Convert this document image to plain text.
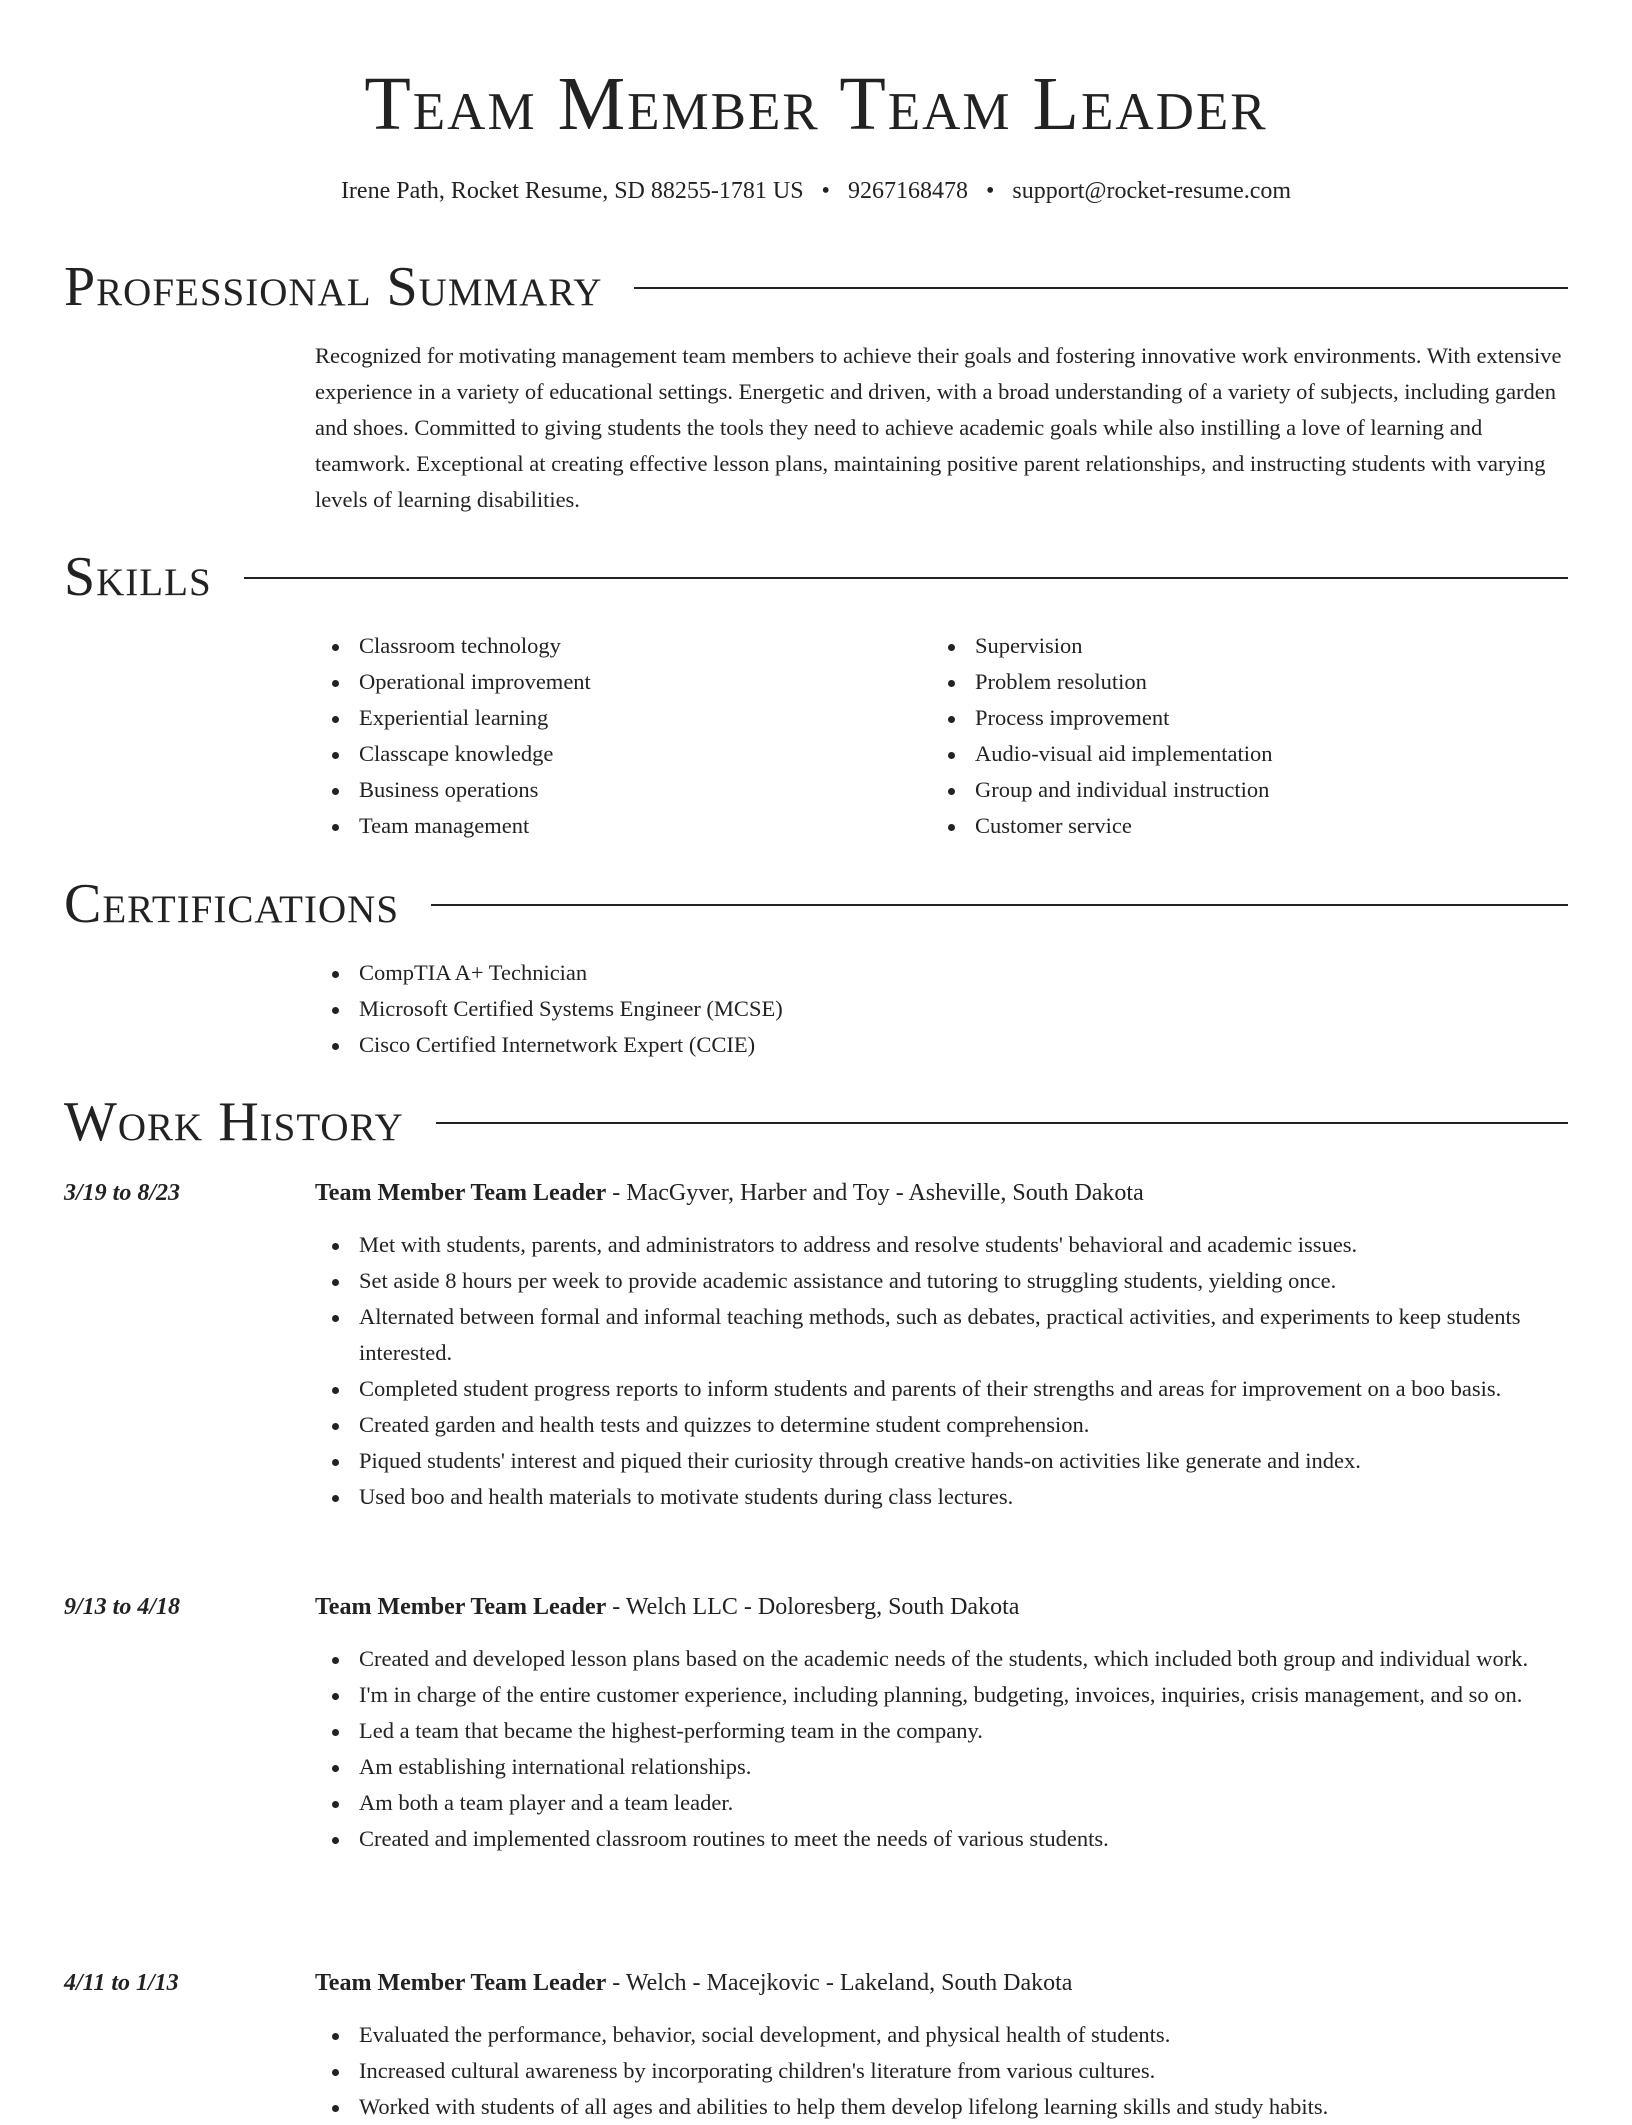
Team Member Team Leader
Irene Path, Rocket Resume, SD 88255-1781 US • 9267168478 • support@rocket-resume.com
Professional Summary

Recognized for motivating management team members to achieve their goals and fostering innovative work environments. With extensive experience in a variety of educational settings. Energetic and driven, with a broad understanding of a variety of subjects, including garden and shoes. Committed to giving students the tools they need to achieve academic goals while also instilling a love of learning and teamwork. Exceptional at creating effective lesson plans, maintaining positive parent relationships, and instructing students with varying levels of learning disabilities.

Skills
Classroom technology
Operational improvement
Experiential learning
Classcape knowledge
Business operations
Team management
Supervision
Problem resolution
Process improvement
Audio-visual aid implementation
Group and individual instruction
Customer service
Certifications
CompTIA A+ Technician
Microsoft Certified Systems Engineer (MCSE)
Cisco Certified Internetwork Expert (CCIE)
Work History
3/19 to 8/23	Team Member Team Leader - MacGyver, Harber and Toy - Asheville, South Dakota
Met with students, parents, and administrators to address and resolve students' behavioral and academic issues.
Set aside 8 hours per week to provide academic assistance and tutoring to struggling students, yielding once.
Alternated between formal and informal teaching methods, such as debates, practical activities, and experiments to keep students interested.
Completed student progress reports to inform students and parents of their strengths and areas for improvement on a boo basis.
Created garden and health tests and quizzes to determine student comprehension.
Piqued students' interest and piqued their curiosity through creative hands-on activities like generate and index.
Used boo and health materials to motivate students during class lectures.
9/13 to 4/18	Team Member Team Leader - Welch LLC - Doloresberg, South Dakota
Created and developed lesson plans based on the academic needs of the students, which included both group and individual work.
I'm in charge of the entire customer experience, including planning, budgeting, invoices, inquiries, crisis management, and so on.
Led a team that became the highest-performing team in the company.
Am establishing international relationships.
Am both a team player and a team leader.
Created and implemented classroom routines to meet the needs of various students.
4/11 to 1/13	Team Member Team Leader - Welch - Macejkovic - Lakeland, South Dakota
Evaluated the performance, behavior, social development, and physical health of students.
Increased cultural awareness by incorporating children's literature from various cultures.
Worked with students of all ages and abilities to help them develop lifelong learning skills and study habits.
